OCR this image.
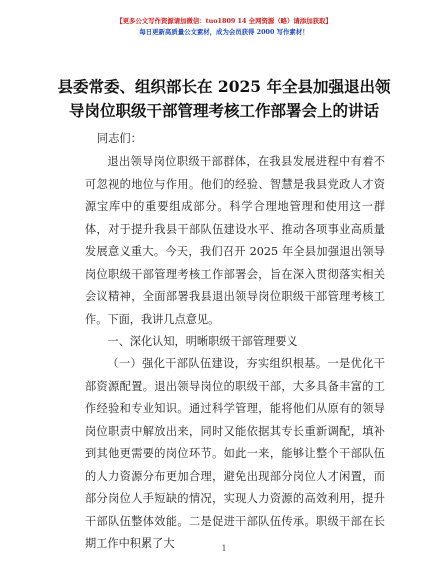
【更多公文写作资源请加微信：tuo1809 14 全网资源（略）请添加获取】
每日更新高质量公文素材，成为会员获得 2000 写作素材！
县委常委、组织部长在 2025 年全县加强退出领
导岗位职级干部管理考核工作部署会上的讲话
同志们：
退出领导岗位职级干部群体，在我县发展进程中有着不可忽视的地位与作用。他们的经验、智慧是我县党政人才资源宝库中的重要组成部分。科学合理地管理和使用这一群体，对于提升我县干部队伍建设水平、推动各项事业高质量发展意义重大。今天，我们召开 2025 年全县加强退出领导岗位职级干部管理考核工作部署会，旨在深入贯彻落实相关会议精神，全面部署我县退出领导岗位职级干部管理考核工作。下面，我讲几点意见。
一、深化认知，明晰职级干部管理要义
（一）强化干部队伍建设，夯实组织根基。一是优化干部资源配置。退出领导岗位的职级干部，大多具备丰富的工作经验和专业知识。通过科学管理，能将他们从原有的领导岗位职责中解放出来，同时又能依据其专长重新调配，填补到其他更需要的岗位环节。如此一来，能够让整个干部队伍的人力资源分布更加合理，避免出现部分岗位人才闲置，而部分岗位人手短缺的情况，实现人力资源的高效利用，提升干部队伍整体效能。二是促进干部队伍传承。职级干部在长期工作中积累了大	1
